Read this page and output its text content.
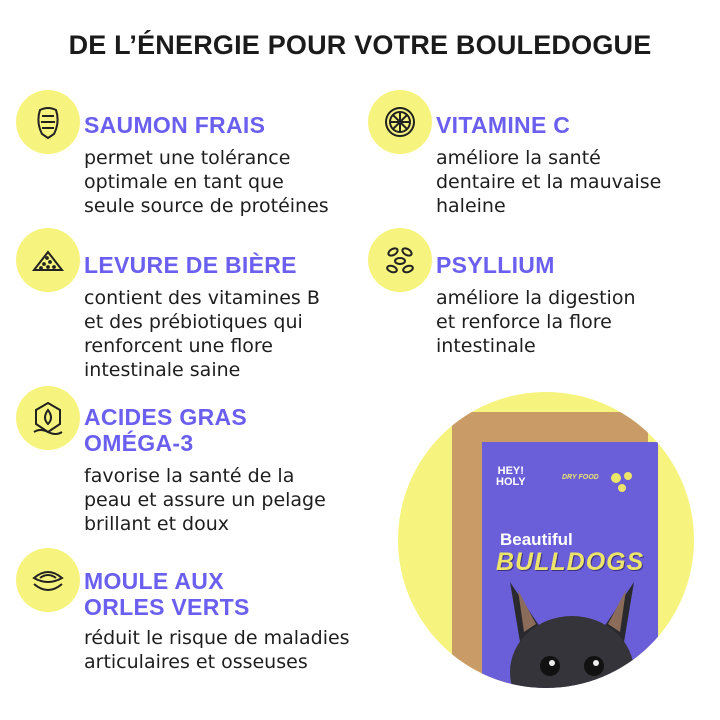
DE L’ÉNERGIE POUR VOTRE BOULEDOGUE
SAUMON FRAIS
permet une tolérance
optimale en tant que
seule source de protéines
VITAMINE C
améliore la santé
dentaire et la mauvaise
haleine
LEVURE DE BIÈRE
contient des vitamines B
et des prébiotiques qui
renforcent une flore
intestinale saine
PSYLLIUM
améliore la digestion
et renforce la flore
intestinale
ACIDES GRAS
OMÉGA-3
favorise la santé de la
peau et assure un pelage
brillant et doux
MOULE AUX
ORLES VERTS
réduit le risque de maladies
articulaires et osseuses
HEY!
HOLY	DRY FOOD
Beautiful
BULLDOGS
